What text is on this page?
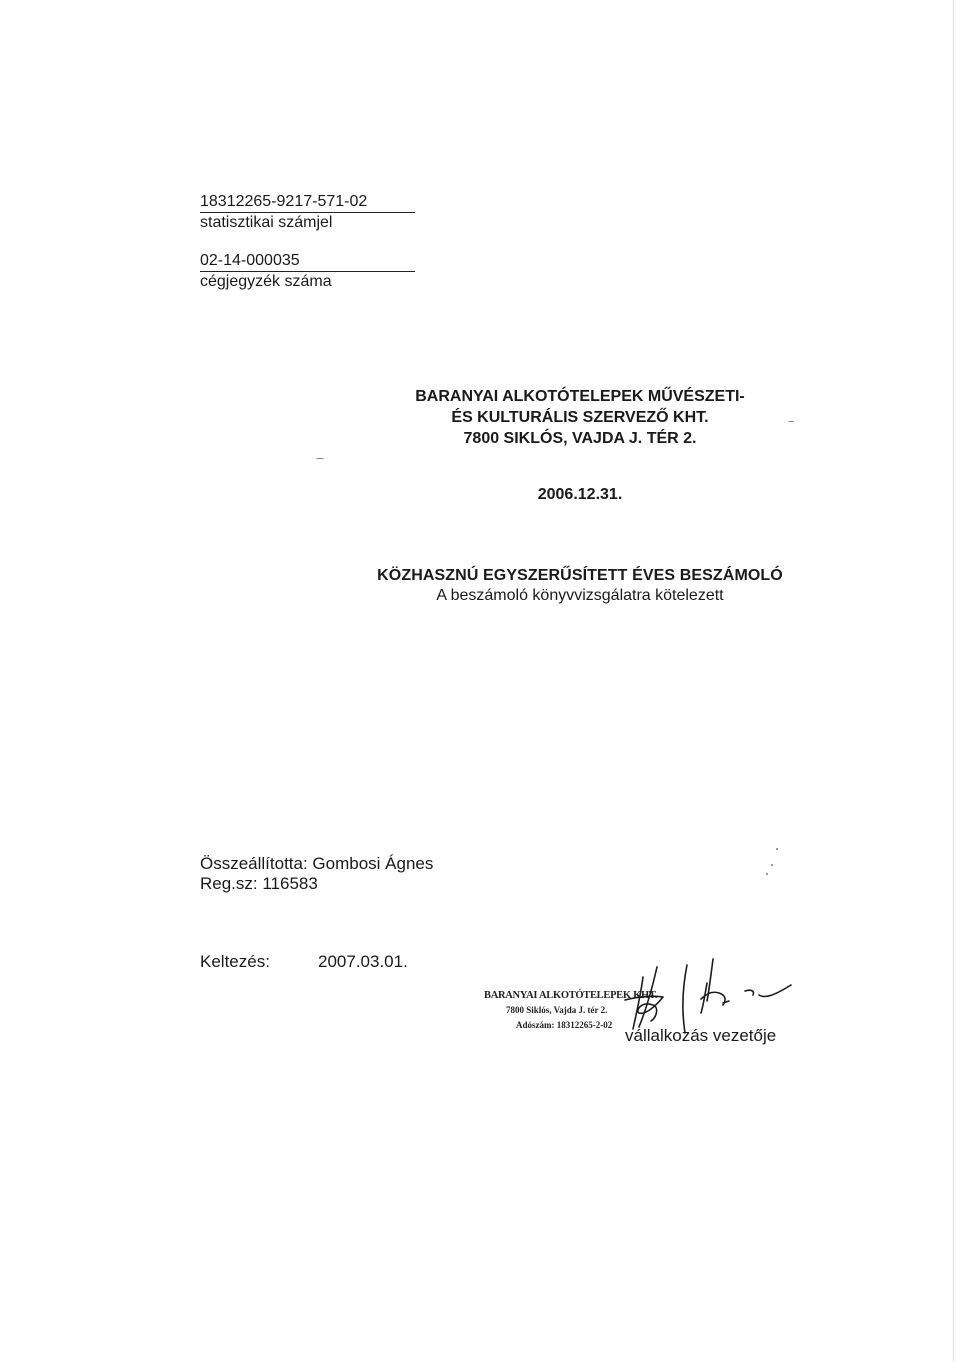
18312265-9217-571-02
statisztikai számjel
02-14-000035
cégjegyzék száma
BARANYAI ALKOTÓTELEPEK MŰVÉSZETI-
ÉS KULTURÁLIS SZERVEZŐ KHT.
7800 SIKLÓS, VAJDA J. TÉR 2.
2006.12.31.
KÖZHASZNÚ EGYSZERŰSÍTETT ÉVES BESZÁMOLÓ
A beszámoló könyvvizsgálatra kötelezett
Összeállította: Gombosi Ágnes
Reg.sz: 116583
Keltezés:	2007.03.01.
BARANYAI ALKOTÓTELEPEK KHT.
7800 Siklós, Vajda J. tér 2.
Adószám: 18312265-2-02
vállalkozás vezetője
